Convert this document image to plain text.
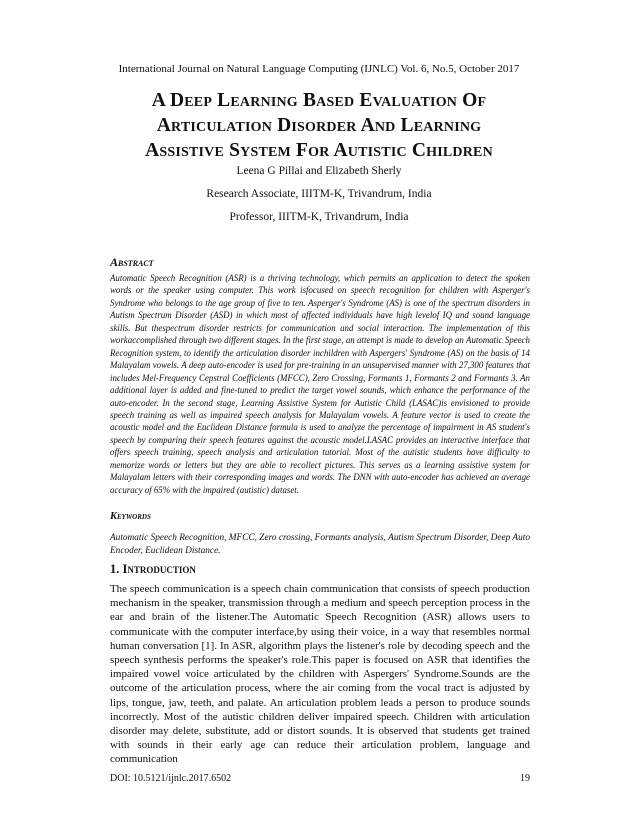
International Journal on Natural Language Computing (IJNLC) Vol. 6, No.5, October 2017
A Deep Learning Based Evaluation Of
Articulation Disorder And Learning
Assistive System For Autistic Children
Leena G Pillai and Elizabeth Sherly
Research Associate, IIITM-K, Trivandrum, India
Professor, IIITM-K, Trivandrum, India
Abstract
Automatic Speech Recognition (ASR) is a thriving technology, which permits an application to detect the spoken words or the speaker using computer. This work isfocused on speech recognition for children with Asperger's Syndrome who belongs to the age group of five to ten. Asperger's Syndrome (AS) is one of the spectrum disorders in Autism Spectrum Disorder (ASD) in which most of affected individuals have high levelof IQ and sound language skills. But thespectrum disorder restricts for communication and social interaction. The implementation of this workaccomplished through two different stages. In the first stage, an attempt is made to develop an Automatic Speech Recognition system, to identify the articulation disorder inchildren with Aspergers' Syndrome (AS) on the basis of 14 Malayalam vowels. A deep auto-encoder is used for pre-training in an unsupervised manner with 27,300 features that includes Mel-Frequency Cepstral Coefficients (MFCC), Zero Crossing, Formants 1, Formants 2 and Formants 3. An additional layer is added and fine-tuned to predict the target vowel sounds, which enhance the performance of the auto-encoder. In the second stage, Learning Assistive System for Autistic Child (LASAC)is envisioned to provide speech training as well as impaired speech analysis for Malayalam vowels. A feature vector is used to create the acoustic model and the Euclidean Distance formula is used to analyze the percentage of impairment in AS student's speech by comparing their speech features against the acoustic model.LASAC provides an interactive interface that offers speech training, speech analysis and articulation tutorial. Most of the autistic students have difficulty to memorize words or letters but they are able to recollect pictures. This serves as a learning assistive system for Malayalam letters with their corresponding images and words. The DNN with auto-encoder has achieved an average accuracy of 65% with the impaired (autistic) dataset.
Keywords
Automatic Speech Recognition, MFCC, Zero crossing, Formants analysis, Autism Spectrum Disorder, Deep Auto Encoder, Euclidean Distance.
1. Introduction
The speech communication is a speech chain communication that consists of speech production mechanism in the speaker, transmission through a medium and speech perception process in the ear and brain of the listener.The Automatic Speech Recognition (ASR) allows users to communicate with the computer interface,by using their voice, in a way that resembles normal human conversation [1]. In ASR, algorithm plays the listener's role by decoding speech and the speech synthesis performs the speaker's role.This paper is focused on ASR that identifies the impaired vowel voice articulated by the children with Aspergers' Syndrome.Sounds are the outcome of the articulation process, where the air coming from the vocal tract is adjusted by lips, tongue, jaw, teeth, and palate. An articulation problem leads a person to produce sounds incorrectly. Most of the autistic children deliver impaired speech. Children with articulation disorder may delete, substitute, add or distort sounds. It is observed that students get trained with sounds in their early age can reduce their articulation problem, language and communication
DOI: 10.5121/ijnlc.2017.6502	19
